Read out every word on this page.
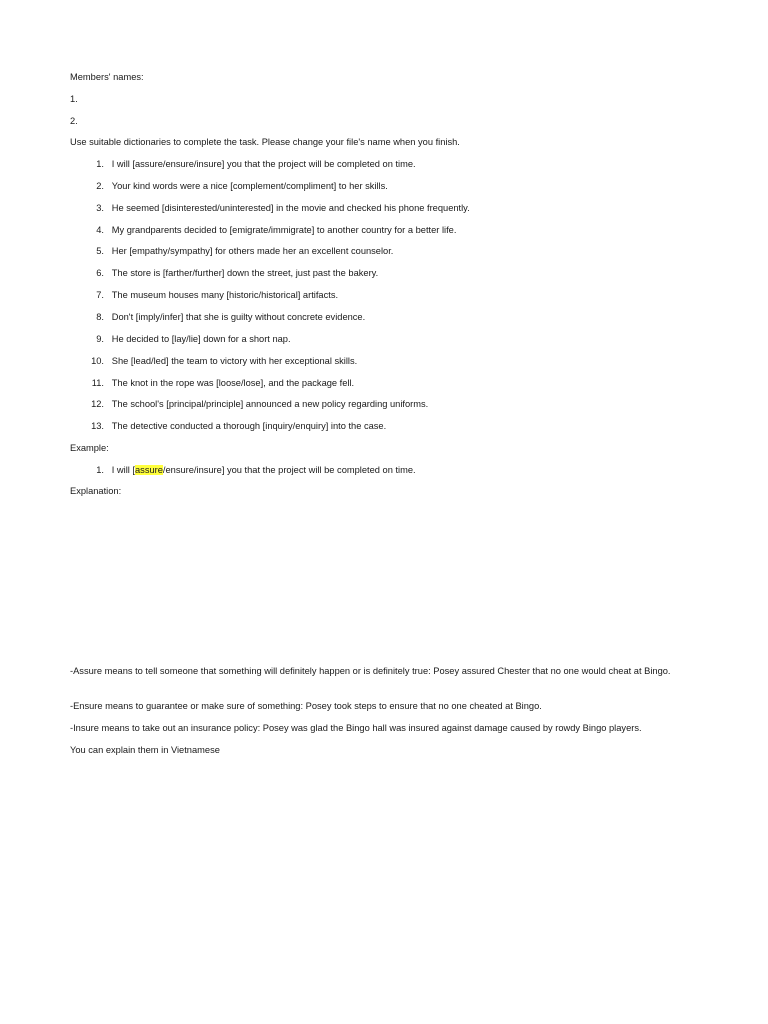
Members' names:
1.
2.
Use suitable dictionaries to complete the task. Please change your file's name when you finish.
1. I will [assure/ensure/insure] you that the project will be completed on time.
2. Your kind words were a nice [complement/compliment] to her skills.
3. He seemed [disinterested/uninterested] in the movie and checked his phone frequently.
4. My grandparents decided to [emigrate/immigrate] to another country for a better life.
5. Her [empathy/sympathy] for others made her an excellent counselor.
6. The store is [farther/further] down the street, just past the bakery.
7. The museum houses many [historic/historical] artifacts.
8. Don't [imply/infer] that she is guilty without concrete evidence.
9. He decided to [lay/lie] down for a short nap.
10. She [lead/led] the team to victory with her exceptional skills.
11. The knot in the rope was [loose/lose], and the package fell.
12. The school's [principal/principle] announced a new policy regarding uniforms.
13. The detective conducted a thorough [inquiry/enquiry] into the case.
Example:
1. I will [assure/ensure/insure] you that the project will be completed on time.
Explanation:
-Assure means to tell someone that something will definitely happen or is definitely true: Posey assured Chester that no one would cheat at Bingo.
-Ensure means to guarantee or make sure of something: Posey took steps to ensure that no one cheated at Bingo.
-Insure means to take out an insurance policy: Posey was glad the Bingo hall was insured against damage caused by rowdy Bingo players.
You can explain them in Vietnamese
